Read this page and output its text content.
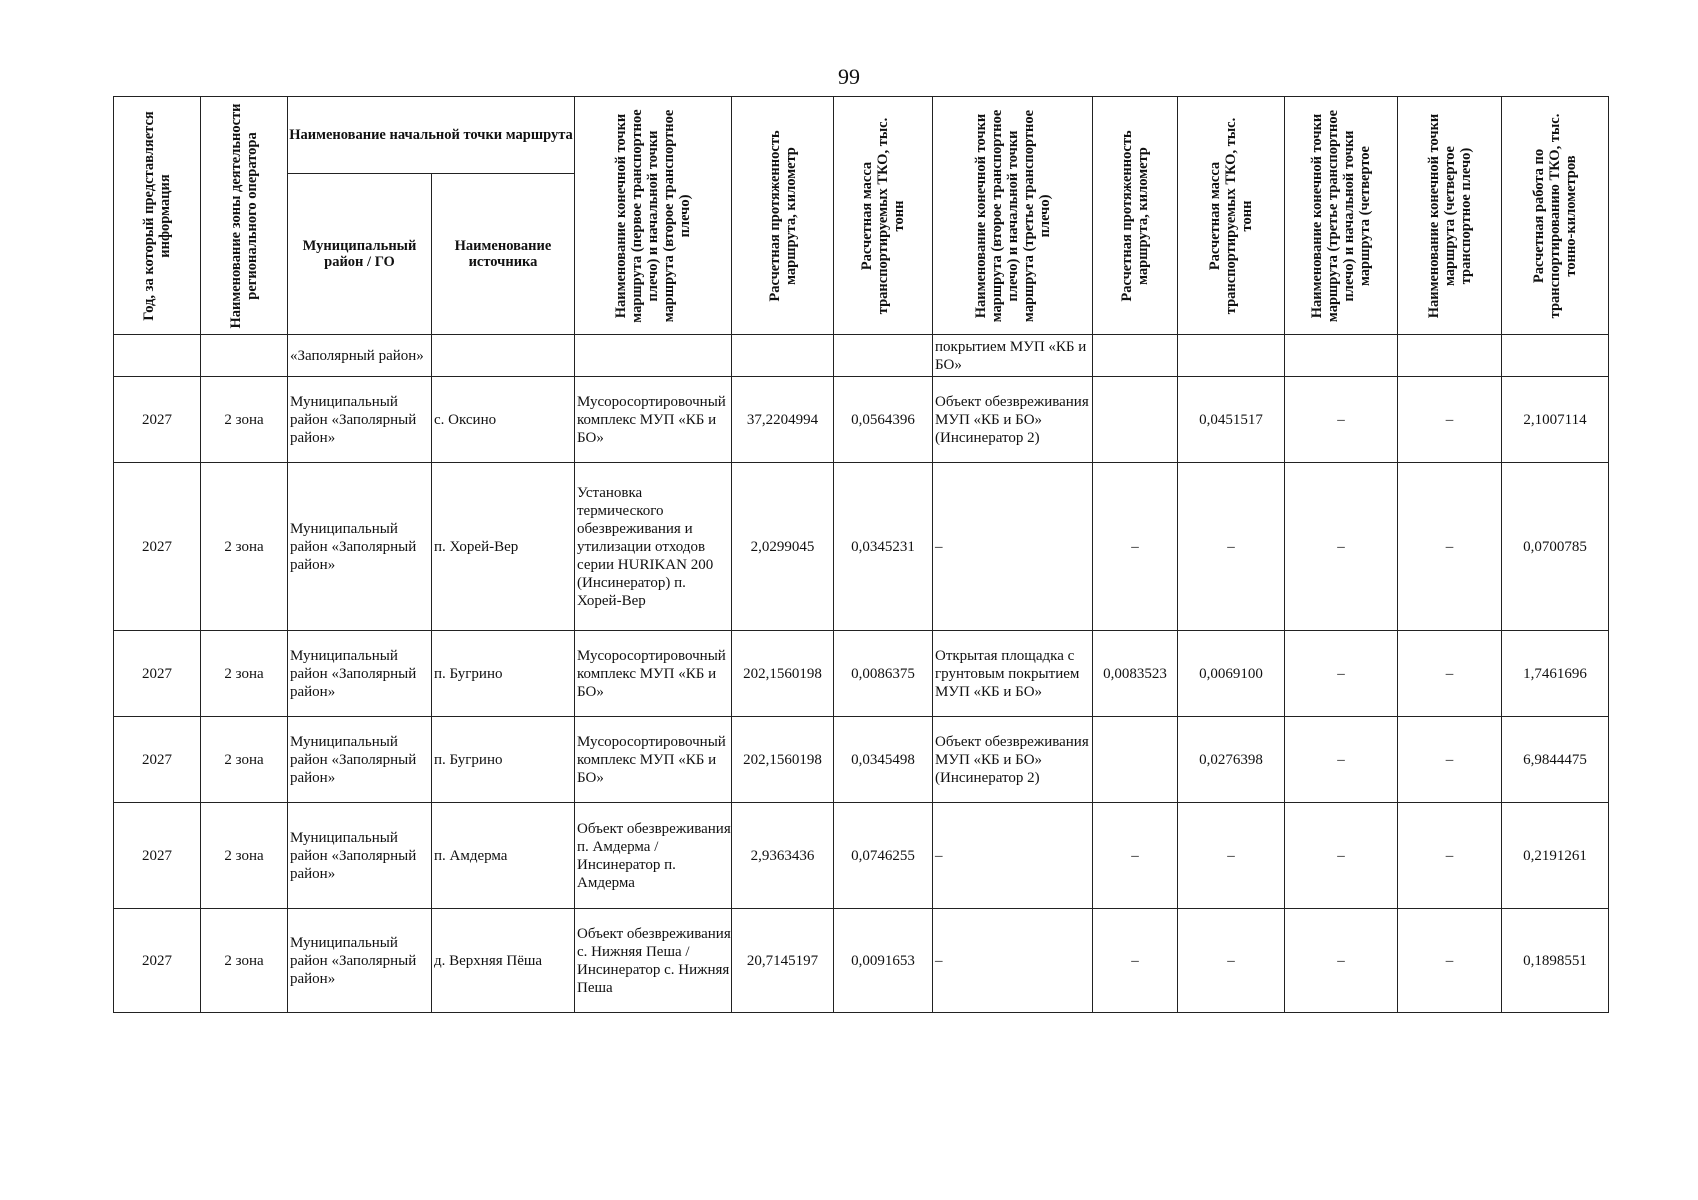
99
Год, за который представляется информация	Наименование зоны деятельности регионального оператора	Наименование начальной точки маршрута		Наименование конечной точки маршрута (первое транспортное плечо) и начальной точки маршрута (второе транспортное плечо)	Расчетная протяженность маршрута, километр	Расчетная масса транспортируемых ТКО, тыс. тонн	Наименование конечной точки маршрута (второе транспортное плечо) и начальной точки маршрута (третье транспортное плечо)	Расчетная протяженность маршрута, километр	Расчетная масса транспортируемых ТКО, тыс. тонн	Наименование конечной точки маршрута (третье транспортное плечо) и начальной точки маршрута (четвертое	Наименование конечной точки маршрута (четвертое транспортное плечо)	Расчетная работа по транспортированию ТКО, тыс. тонно-километров

		Муниципальный район / ГО	Наименование источника									
		«Заполярный район»					покрытием МУП «КБ и БО»					
2027	2 зона	Муниципальный район «Заполярный район»	с. Оксино	Мусоросортировочный комплекс МУП «КБ и БО»	37,2204994	0,0564396	Объект обезвреживания МУП «КБ и БО» (Инсинератор 2)		0,0451517	–	–	2,1007114
2027	2 зона	Муниципальный район «Заполярный район»	п. Хорей-Вер	Установка термического обезвреживания и утилизации отходов серии HURIKAN 200 (Инсинератор) п. Хорей-Вер	2,0299045	0,0345231	–	–	–	–	–	0,0700785
2027	2 зона	Муниципальный район «Заполярный район»	п. Бугрино	Мусоросортировочный комплекс МУП «КБ и БО»	202,1560198	0,0086375	Открытая площадка с грунтовым покрытием МУП «КБ и БО»	0,0083523	0,0069100	–	–	1,7461696
2027	2 зона	Муниципальный район «Заполярный район»	п. Бугрино	Мусоросортировочный комплекс МУП «КБ и БО»	202,1560198	0,0345498	Объект обезвреживания МУП «КБ и БО» (Инсинератор 2)		0,0276398	–	–	6,9844475
2027	2 зона	Муниципальный район «Заполярный район»	п. Амдерма	Объект обезвреживания п. Амдерма / Инсинератор п. Амдерма	2,9363436	0,0746255	–	–	–	–	–	0,2191261
2027	2 зона	Муниципальный район «Заполярный район»	д. Верхняя Пёша	Объект обезвреживания с. Нижняя Пеша / Инсинератор с. Нижняя Пеша	20,7145197	0,0091653	–	–	–	–	–	0,1898551
